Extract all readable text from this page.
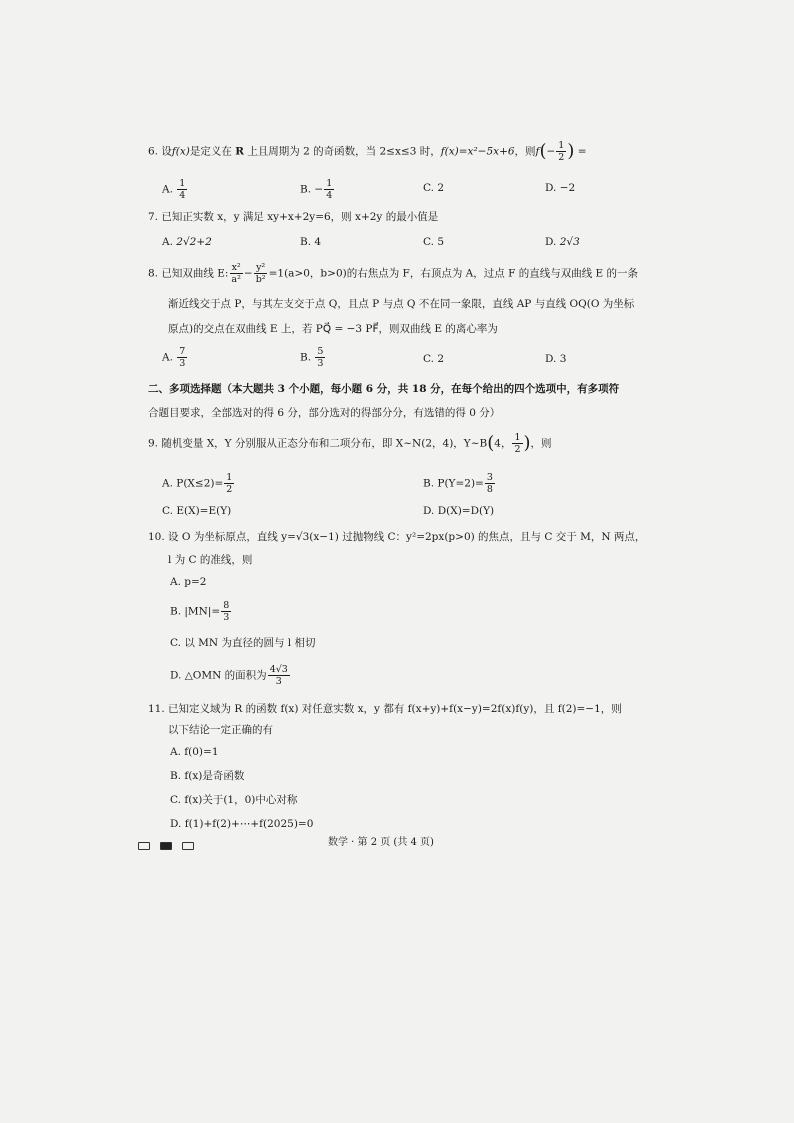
6. 设f(x)是定义在 R 上且周期为 2 的奇函数，当 2≤x≤3 时，f(x)=x²−5x+6，则$f(- \frac{1}{2}$ ) =
A. $\frac{1}{4}$	B. − $\frac{1}{4}$	C. 2	D. −2
7. 已知正实数 x，y 满足 xy+x+2y=6，则 x+2y 的最小值是
A. 2√2+2	B. 4	C. 5	D. 2√3
8. 已知双曲线 E: $\frac{\text{x²}}{\text{a²}} - \frac{\text{y²}}{\text{b²}} =1(a>0$，b>0)的右焦点为 F，右顶点为 A，过点 F 的直线与双曲线 E 的一条
渐近线交于点 P，与其左支交于点 Q，且点 P 与点 Q 不在同一象限，直线 AP 与直线 OQ(O 为坐标
原点)的交点在双曲线 E 上，若 PQ⃗ = −3 PF⃗，则双曲线 E 的离心率为
A. $\frac{7}{3}$	B. $\frac{5}{3}$	C. 2	D. 3
二、多项选择题（本大题共 3 个小题，每小题 6 分，共 18 分，在每个给出的四个选项中，有多项符
合题目要求，全部选对的得 6 分，部分选对的得部分分，有选错的得 0 分）
9. 随机变量 X，Y 分别服从正态分布和二项分布，即 X~N(2，4)，Y~B(4， $\frac{1}{2}$ )，则
A. $P(X\le 2)= \frac{1}{2}$	B. $P(Y=2)= \frac{3}{8}$
C. E(X)=E(Y)	D. D(X)=D(Y)
10. 设 O 为坐标原点，直线 y=√3(x−1) 过抛物线 C：y²=2px(p>0) 的焦点，且与 C 交于 M，N 两点，
l 为 C 的准线，则
A. p=2
B. $|MN|= \frac{8}{3}$
C. 以 MN 为直径的圆与 l 相切
D. △OMN 的面积为 $\frac{4√3}{3}$
11. 已知定义域为 R 的函数 f(x) 对任意实数 x，y 都有 f(x+y)+f(x−y)=2f(x)f(y)，且 f(2)=−1，则
以下结论一定正确的有
A. f(0)=1
B. f(x)是奇函数
C. f(x)关于(1，0)中心对称
D. f(1)+f(2)+⋯+f(2025)=0
数学 · 第 2 页 (共 4 页)
